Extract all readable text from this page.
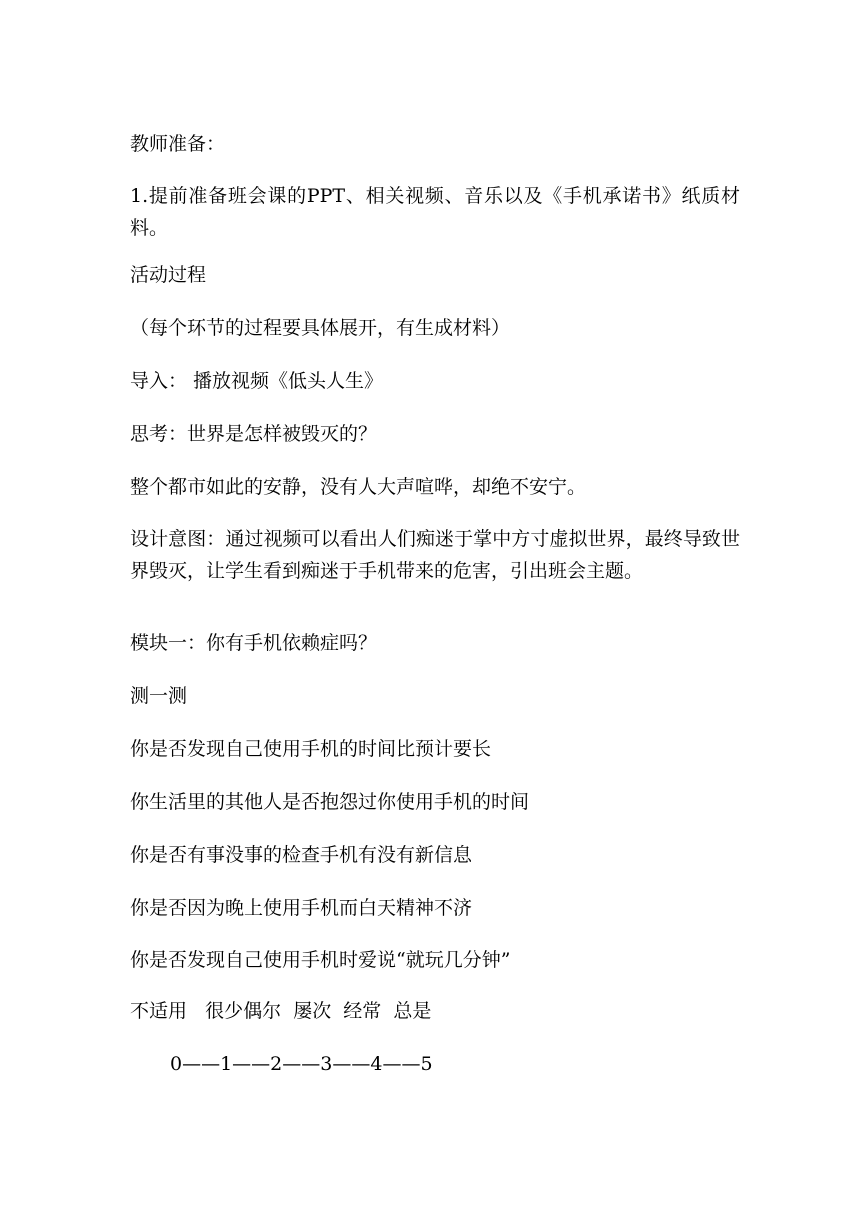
教师准备：
1.提前准备班会课的PPT、相关视频、音乐以及《手机承诺书》纸质材料。
活动过程
（每个环节的过程要具体展开，有生成材料）
导入： 播放视频《低头人生》
思考：世界是怎样被毁灭的？
整个都市如此的安静，没有人大声喧哗，却绝不安宁。
设计意图：通过视频可以看出人们痴迷于掌中方寸虚拟世界，最终导致世界毁灭，让学生看到痴迷于手机带来的危害，引出班会主题。
模块一：你有手机依赖症吗？
测一测
你是否发现自己使用手机的时间比预计要长
你生活里的其他人是否抱怨过你使用手机的时间
你是否有事没事的检查手机有没有新信息
你是否因为晚上使用手机而白天精神不济
你是否发现自己使用手机时爱说“就玩几分钟”
不适用   很少偶尔  屡次  经常  总是
0——1——2——3——4——5
